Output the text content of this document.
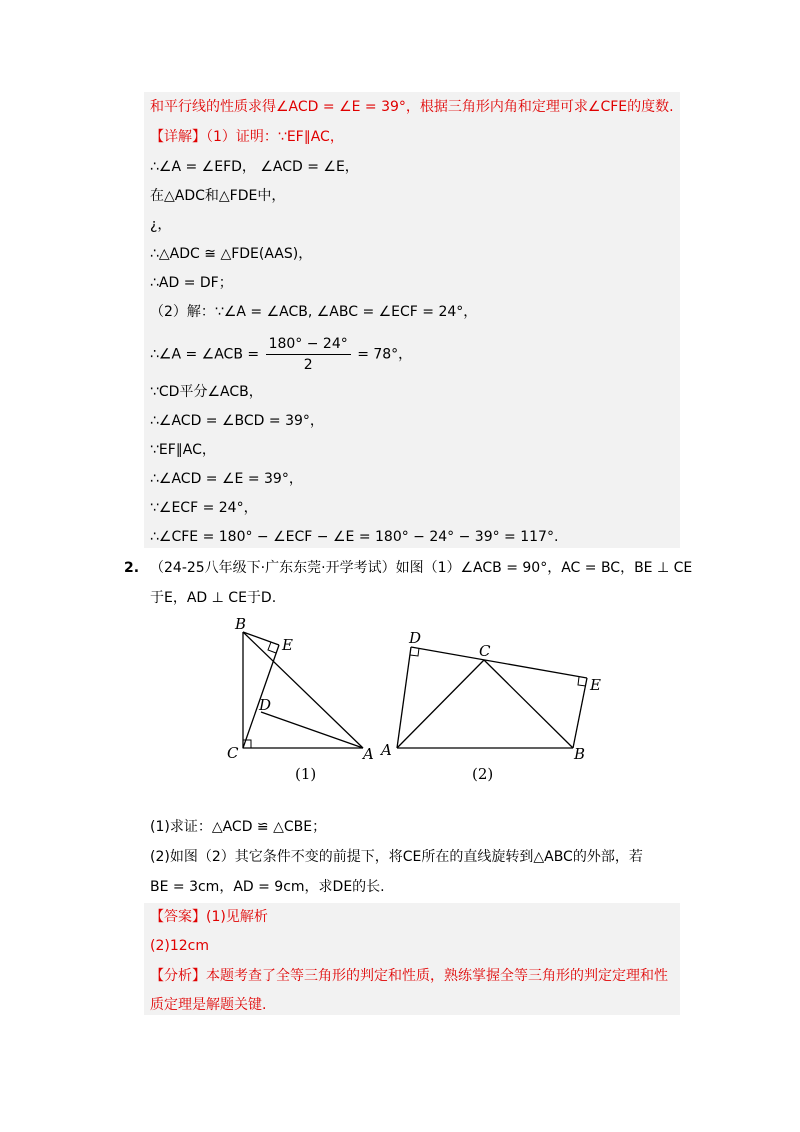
和平行线的性质求得∠ACD = ∠E = 39°，根据三角形内角和定理可求∠CFE的度数.
【详解】（1）证明：∵EF∥AC，
∴∠A = ∠EFD， ∠ACD = ∠E，
在△ADC和△FDE中，
¿，
∴△ADC ≅ △FDE(AAS)，
∴AD = DF；
（2）解：∵∠A = ∠ACB, ∠ABC = ∠ECF = 24°，
∴∠A = ∠ACB = $\frac{180^\circ - 24^\circ}{2} = 78^\circ$，
∵CD平分∠ACB，
∴∠ACD = ∠BCD = 39°，
∵EF∥AC，
∴∠ACD = ∠E = 39°，
∵∠ECF = 24°，
∴∠CFE = 180° − ∠ECF − ∠E = 180° − 24° − 39° = 117°.
2. （24-25八年级下·广东东莞·开学考试）如图（1）∠ACB = 90°，AC = BC，BE ⊥ CE
于E，AD ⊥ CE于D.
B
E
D
C	A
(1)
D
C
E
A	B
(2)
(1)求证：△ACD ≌ △CBE；
(2)如图（2）其它条件不变的前提下，将CE所在的直线旋转到△ABC的外部，若
BE = 3cm，AD = 9cm，求DE的长.
【答案】(1)见解析
(2)12cm
【分析】本题考查了全等三角形的判定和性质，熟练掌握全等三角形的判定定理和性
质定理是解题关键.
